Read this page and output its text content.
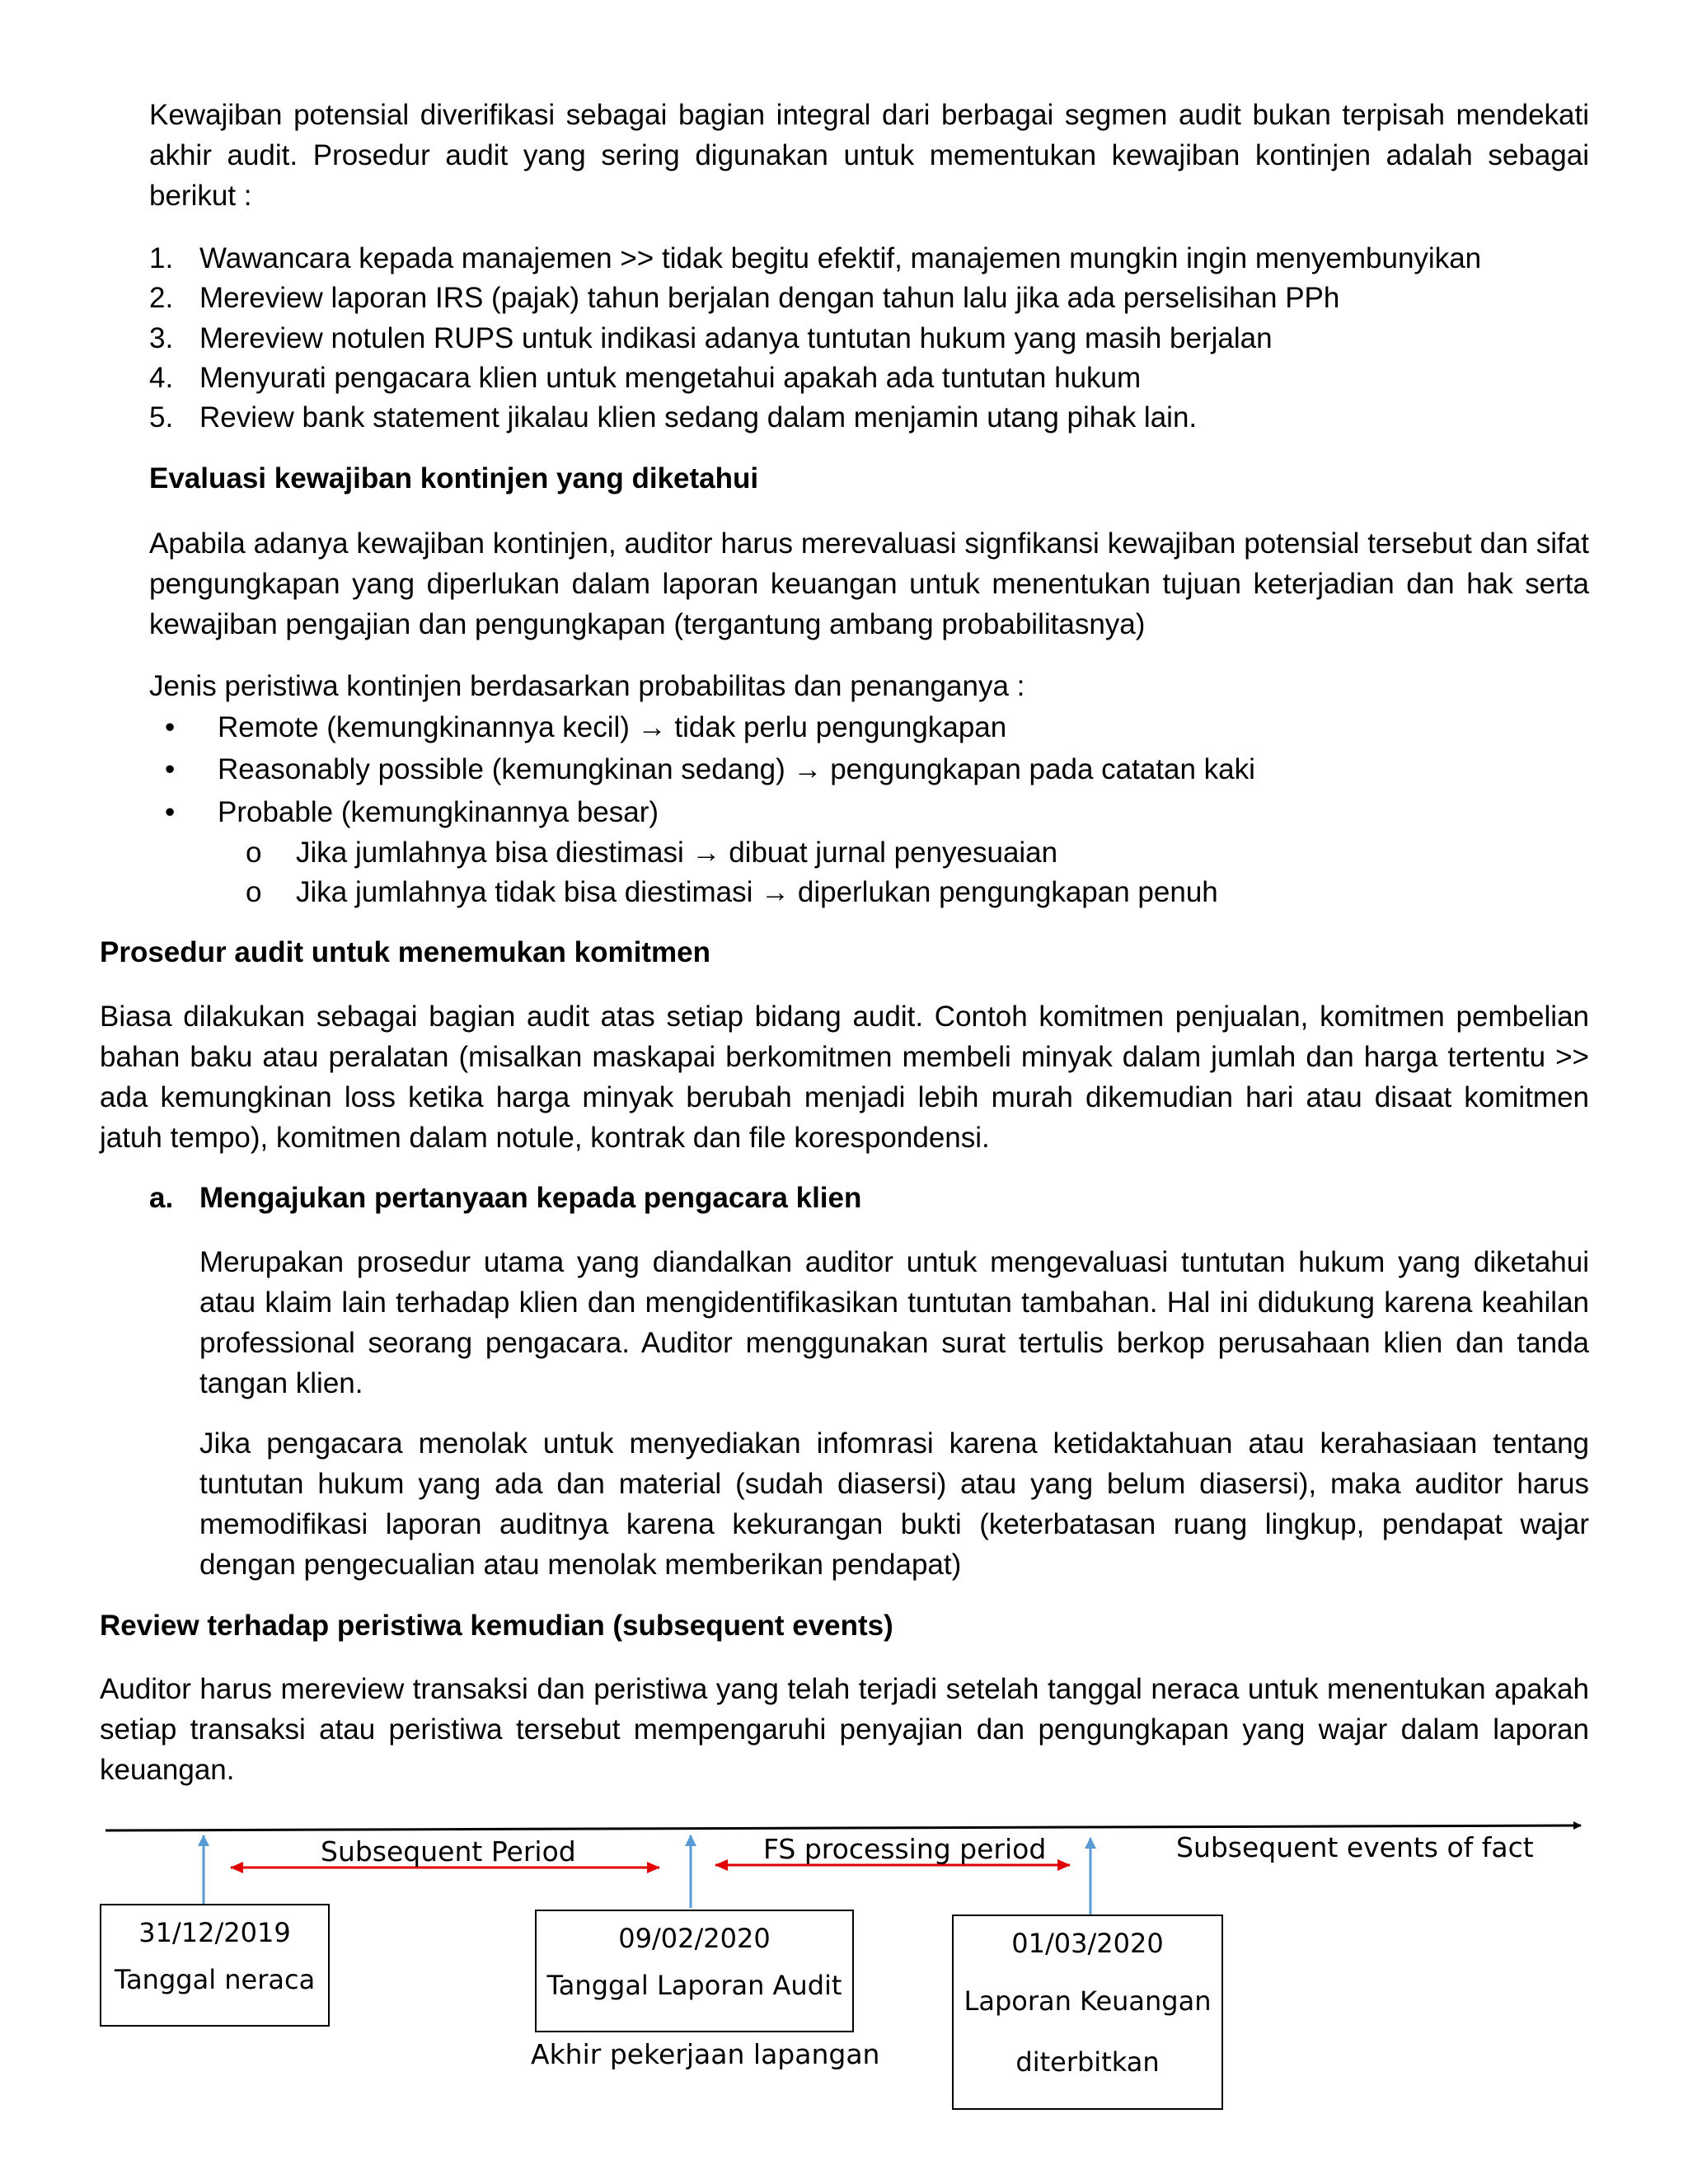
Kewajiban potensial diverifikasi sebagai bagian integral dari berbagai segmen audit bukan terpisah mendekati akhir audit. Prosedur audit yang sering digunakan untuk mementukan kewajiban kontinjen adalah sebagai berikut :

1. Wawancara kepada manajemen >> tidak begitu efektif, manajemen mungkin ingin menyembunyikan
2. Mereview laporan IRS (pajak) tahun berjalan dengan tahun lalu jika ada perselisihan PPh
3. Mereview notulen RUPS untuk indikasi adanya tuntutan hukum yang masih berjalan
4. Menyurati pengacara klien untuk mengetahui apakah ada tuntutan hukum
5. Review bank statement jikalau klien sedang dalam menjamin utang pihak lain.
Evaluasi kewajiban kontinjen yang diketahui

Apabila adanya kewajiban kontinjen, auditor harus merevaluasi signfikansi kewajiban potensial tersebut dan sifat pengungkapan yang diperlukan dalam laporan keuangan untuk menentukan tujuan keterjadian dan hak serta kewajiban pengajian dan pengungkapan (tergantung ambang probabilitasnya)

Jenis peristiwa kontinjen berdasarkan probabilitas dan penanganya :
•	Remote (kemungkinannya kecil) → tidak perlu pengungkapan
•	Reasonably possible (kemungkinan sedang) → pengungkapan pada catatan kaki
•	Probable (kemungkinannya besar)
o	Jika jumlahnya bisa diestimasi → dibuat jurnal penyesuaian
o	Jika jumlahnya tidak bisa diestimasi → diperlukan pengungkapan penuh
Prosedur audit untuk menemukan komitmen

Biasa dilakukan sebagai bagian audit atas setiap bidang audit. Contoh komitmen penjualan, komitmen pembelian bahan baku atau peralatan (misalkan maskapai berkomitmen membeli minyak dalam jumlah dan harga tertentu >> ada kemungkinan loss ketika harga minyak berubah menjadi lebih murah dikemudian hari atau disaat komitmen jatuh tempo), komitmen dalam notule, kontrak dan file korespondensi.

a. Mengajukan pertanyaan kepada pengacara klien

Merupakan prosedur utama yang diandalkan auditor untuk mengevaluasi tuntutan hukum yang diketahui atau klaim lain terhadap klien dan mengidentifikasikan tuntutan tambahan. Hal ini didukung karena keahilan professional seorang pengacara. Auditor menggunakan surat tertulis berkop perusahaan klien dan tanda tangan klien.

Jika pengacara menolak untuk menyediakan infomrasi karena ketidaktahuan atau kerahasiaan tentang tuntutan hukum yang ada dan material (sudah diasersi) atau yang belum diasersi), maka auditor harus memodifikasi laporan auditnya karena kekurangan bukti (keterbatasan ruang lingkup, pendapat wajar dengan pengecualian atau menolak memberikan pendapat)

Review terhadap peristiwa kemudian (subsequent events)

Auditor harus mereview transaksi dan peristiwa yang telah terjadi setelah tanggal neraca untuk menentukan apakah setiap transaksi atau peristiwa tersebut mempengaruhi penyajian dan pengungkapan yang wajar dalam laporan keuangan.

Subsequent Period	FS processing period	Subsequent events of fact
31/12/2019
Tanggal neraca
09/02/2020
Tanggal Laporan Audit
Akhir pekerjaan lapangan
01/03/2020
Laporan Keuangan
diterbitkan
